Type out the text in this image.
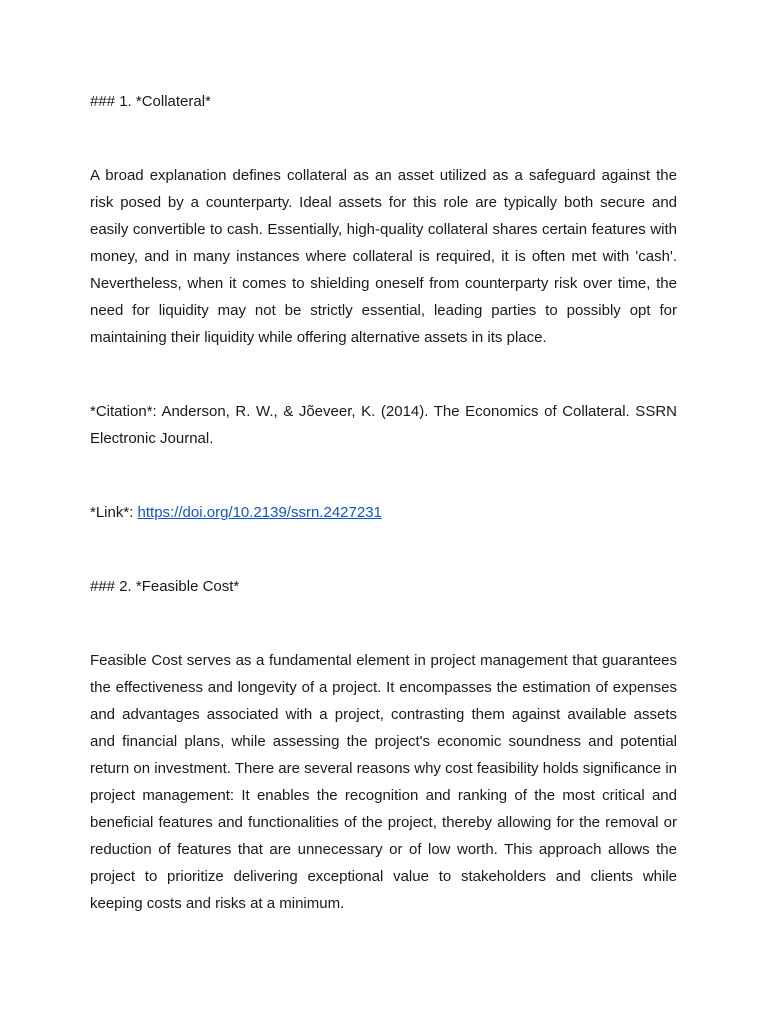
### 1. *Collateral*

A broad explanation defines collateral as an asset utilized as a safeguard against the risk posed by a counterparty. Ideal assets for this role are typically both secure and easily convertible to cash. Essentially, high-quality collateral shares certain features with money, and in many instances where collateral is required, it is often met with 'cash'. Nevertheless, when it comes to shielding oneself from counterparty risk over time, the need for liquidity may not be strictly essential, leading parties to possibly opt for maintaining their liquidity while offering alternative assets in its place.

*Citation*: Anderson, R. W., & Jõeveer, K. (2014). The Economics of Collateral. SSRN Electronic Journal.

*Link*: https://doi.org/10.2139/ssrn.2427231

### 2. *Feasible Cost*

Feasible Cost serves as a fundamental element in project management that guarantees the effectiveness and longevity of a project. It encompasses the estimation of expenses and advantages associated with a project, contrasting them against available assets and financial plans, while assessing the project's economic soundness and potential return on investment. There are several reasons why cost feasibility holds significance in project management: It enables the recognition and ranking of the most critical and beneficial features and functionalities of the project, thereby allowing for the removal or reduction of features that are unnecessary or of low worth. This approach allows the project to prioritize delivering exceptional value to stakeholders and clients while keeping costs and risks at a minimum.
